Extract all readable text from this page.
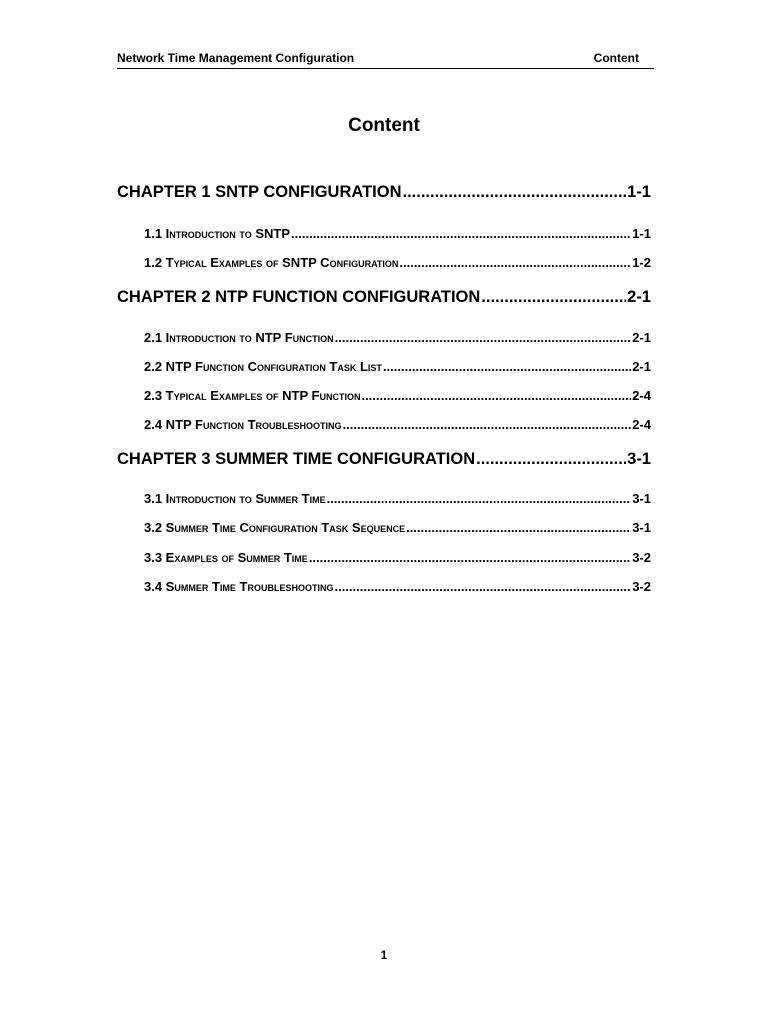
Network Time Management Configuration	Content
Content
CHAPTER 1 SNTP CONFIGURATION .....	1-1
1.1 Introduction to SNTP .....	1-1
1.2 Typical Examples of SNTP Configuration .....	1-2
CHAPTER 2 NTP FUNCTION CONFIGURATION .....	2-1
2.1 Introduction to NTP Function .....	2-1
2.2 NTP Function Configuration Task List .....	2-1
2.3 Typical Examples of NTP Function .....	2-4
2.4 NTP Function Troubleshooting .....	2-4
CHAPTER 3 SUMMER TIME CONFIGURATION .....	3-1
3.1 Introduction to Summer Time .....	3-1
3.2 Summer Time Configuration Task Sequence .....	3-1
3.3 Examples of Summer Time .....	3-2
3.4 Summer Time Troubleshooting .....	3-2
1
